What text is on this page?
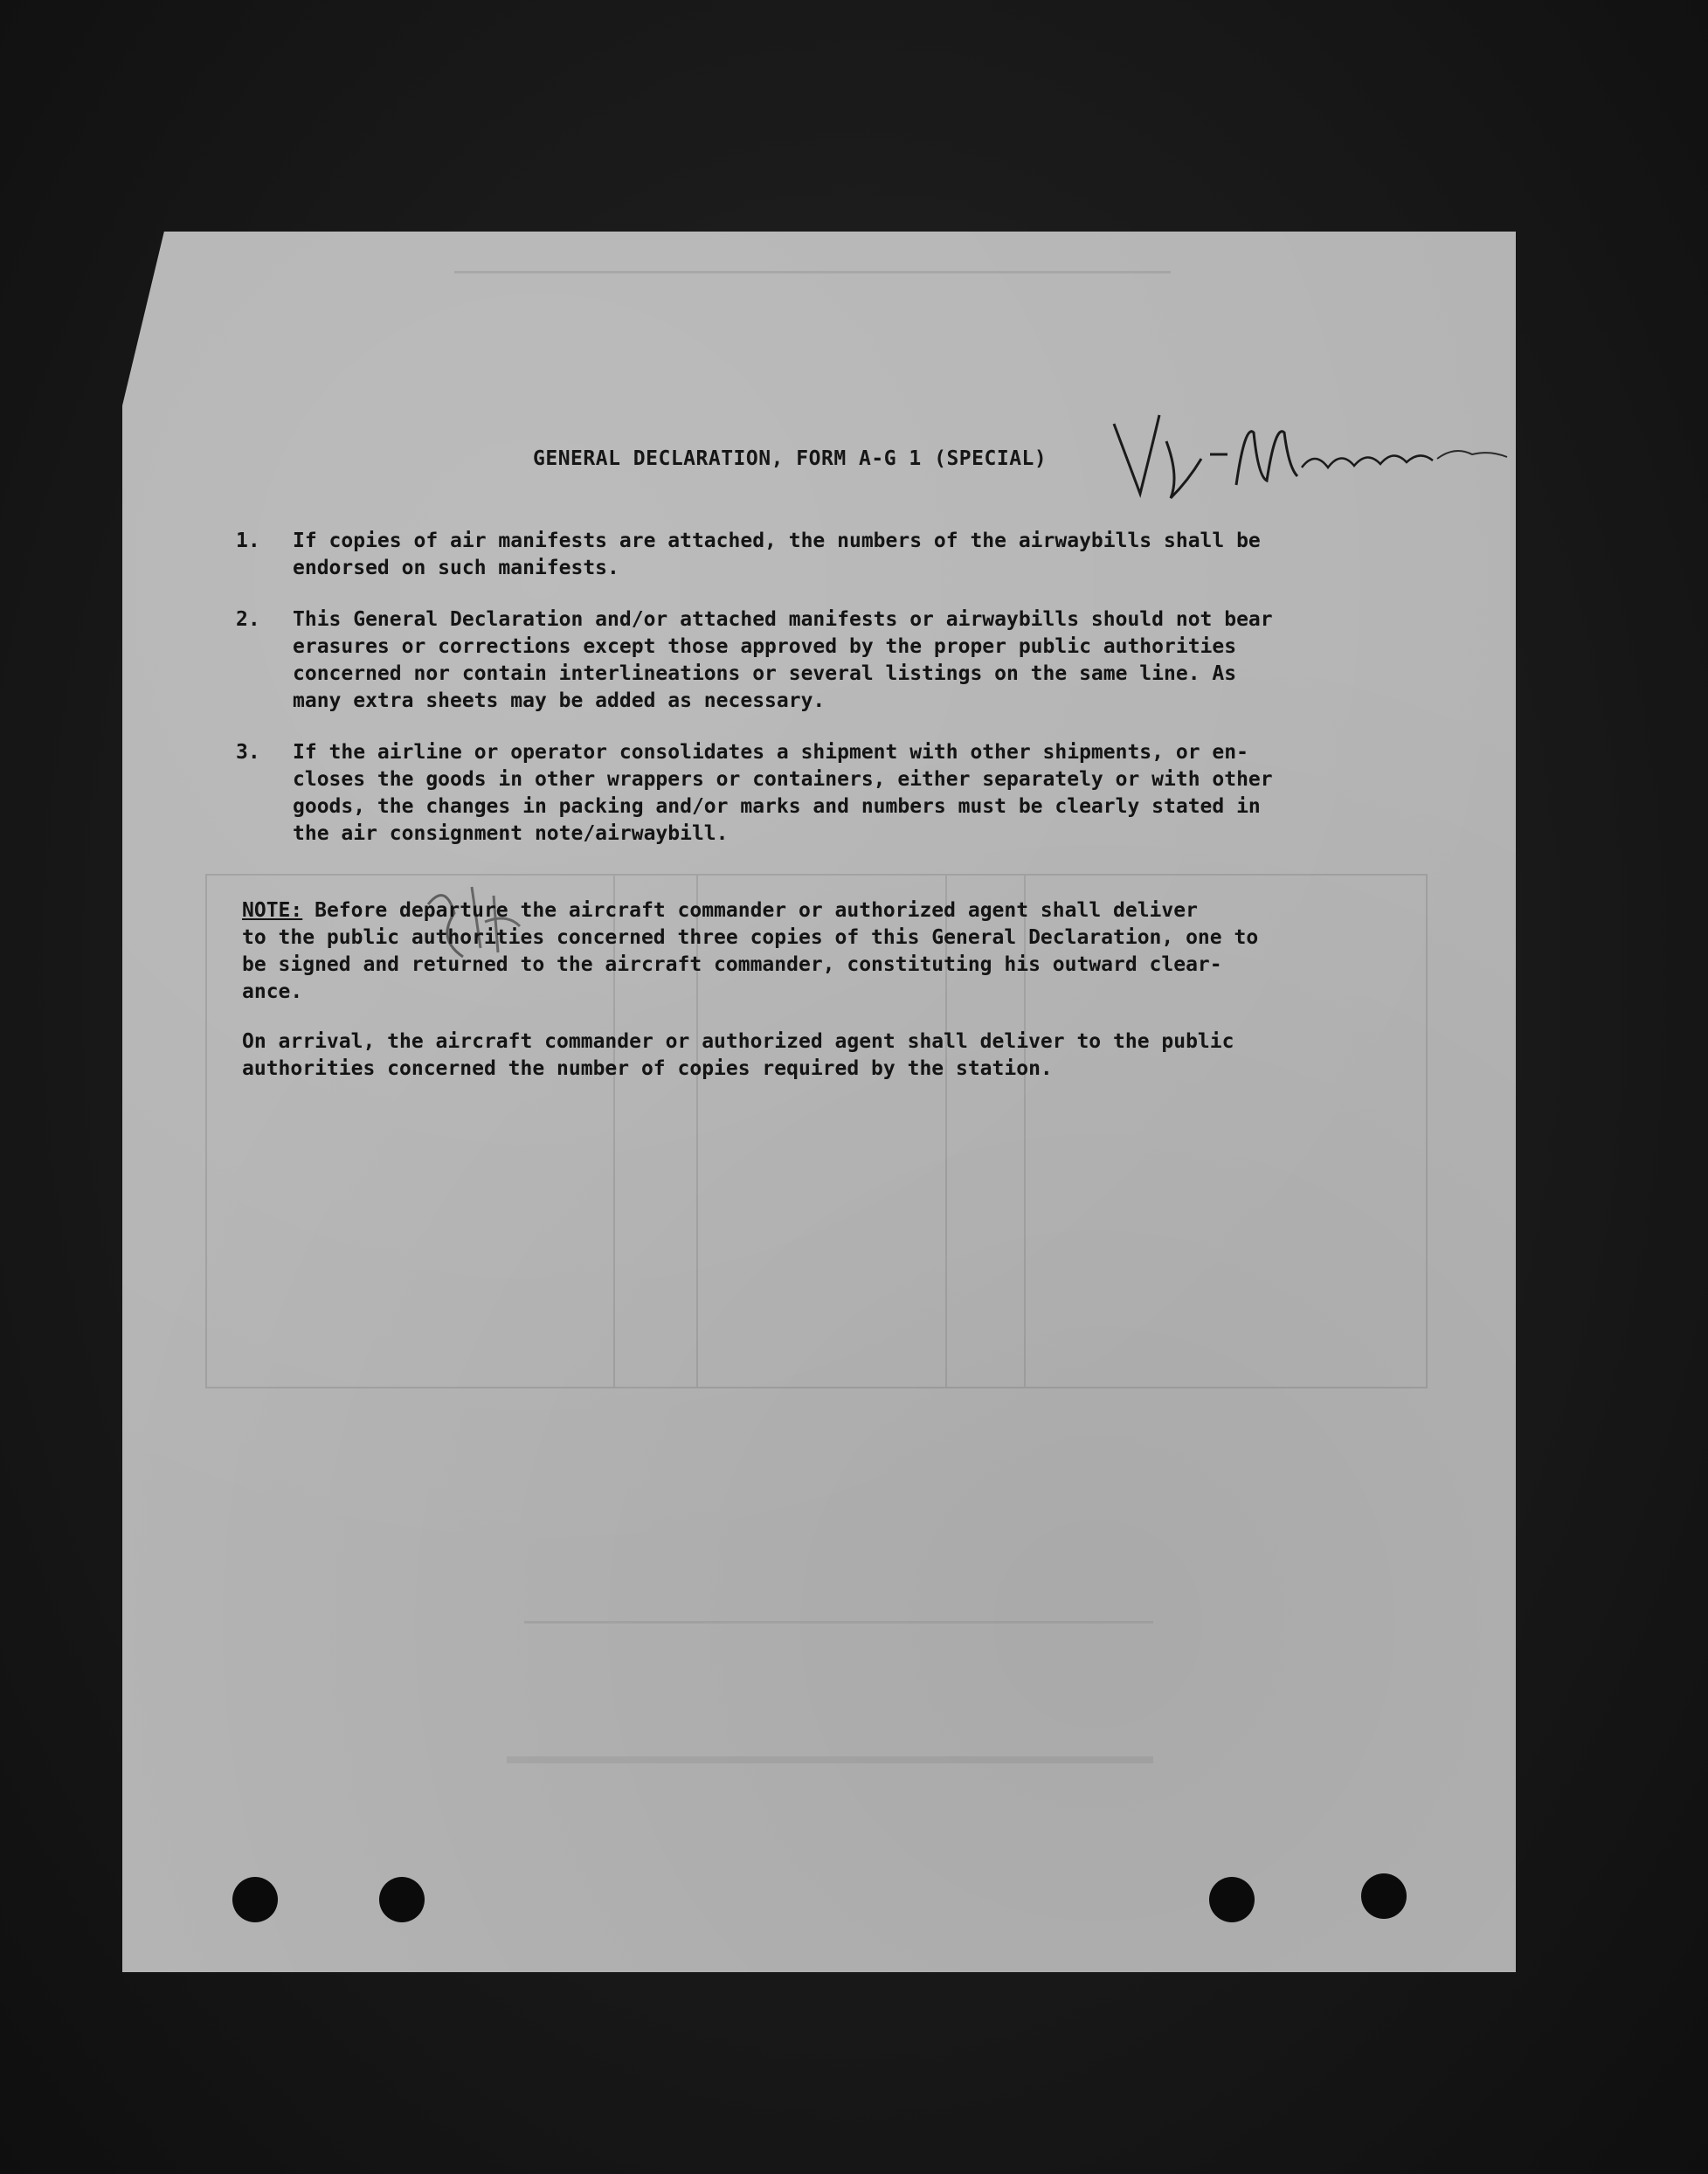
GENERAL DECLARATION, FORM A-G 1 (SPECIAL)
1. If copies of air manifests are attached, the numbers of the airwaybills shall be
endorsed on such manifests.

2. This General Declaration and/or attached manifests or airwaybills should not bear
erasures or corrections except those approved by the proper public authorities
concerned nor contain interlineations or several listings on the same line. As
many extra sheets may be added as necessary.

3. If the airline or operator consolidates a shipment with other shipments, or en-
closes the goods in other wrappers or containers, either separately or with other
goods, the changes in packing and/or marks and numbers must be clearly stated in
the air consignment note/airwaybill.

NOTE: Before departure the aircraft commander or authorized agent shall deliver
to the public authorities concerned three copies of this General Declaration, one to
be signed and returned to the aircraft commander, constituting his outward clear-
ance.

On arrival, the aircraft commander or authorized agent shall deliver to the public
authorities concerned the number of copies required by the station.
